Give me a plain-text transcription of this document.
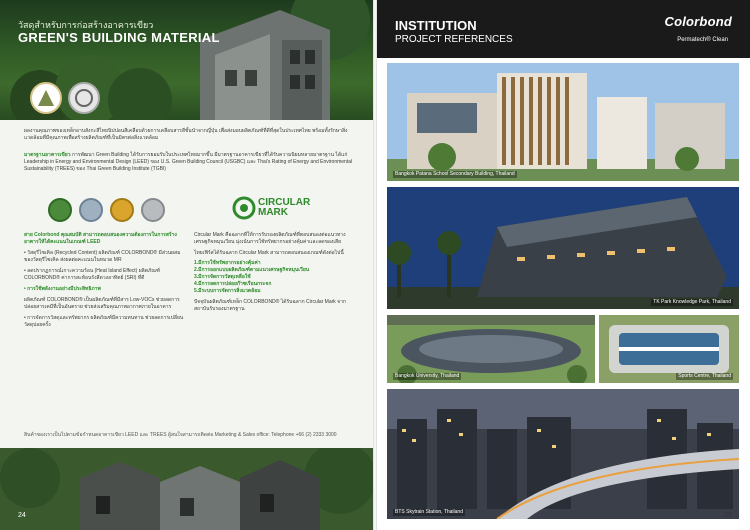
วัสดุสำหรับการก่อสร้างอาคารเขียว
GREEN'S BUILDING MATERIAL
ผลงานคุณภาพของเหล็กอาบสังกะสีไทยนิปปอนสีเคลือบด้วยการเคลือบสารสีชั้นนำจากญี่ปุ่น เพื่อส่งมอบผลิตภัณฑ์ที่ดีที่สุดในประเทศไทย พร้อมทั้งรักษาสิ่งแวดล้อมที่มีคุณภาพเพื่อสร้างผลิตภัณฑ์ที่เป็นมิตรต่อสิ่งแวดล้อม
มาตรฐานอาคารเขียว การพัฒนา Green Building ได้รับการยอมรับในประเทศไทยมากขึ้น มีมาตรฐานอาคารเขียวที่ได้รับความนิยมหลายมาตรฐาน ได้แก่ Leadership in Energy and Environmental Design (LEED) ของ U.S. Green Building Council (USGBC) และ Thai's Rating of Energy and Environmental Sustainability (TREES) ของ Thai Green Building Institute (TGBI)
CIRCULAR
MARK

สาย Colorbond คุณสมบัติ สามารถตอบสนองความต้องการในการสร้างอาคารให้ได้คะแนนในเกณฑ์ LEED

• วัสดุรีไซเคิล (Recycled Content) ผลิตภัณฑ์ COLORBOND® มีส่วนผสมของวัสดุรีไซเคิล ส่งผลต่อคะแนนในหมวด MR

• ลดปรากฏการณ์เกาะความร้อน (Heat Island Effect) ผลิตภัณฑ์ COLORBOND® ค่าการสะท้อนรังสีดวงอาทิตย์ (SRI) ที่ดี

• การใช้พลังงานอย่างมีประสิทธิภาพ

ผลิตภัณฑ์ COLORBOND® เป็นผลิตภัณฑ์ที่มีสาร Low-VOCs ช่วยลดการปล่อยสารเคมีที่เป็นอันตราย ช่วยส่งเสริมคุณภาพอากาศภายในอาคาร

• การจัดการวัสดุและทรัพยากร ผลิตภัณฑ์มีความทนทาน ช่วยลดการเปลี่ยนวัสดุบ่อยครั้ง

Circular Mark คือฉลากที่ให้การรับรองผลิตภัณฑ์ที่ตอบสนองต่อแนวทางเศรษฐกิจหมุนเวียน มุ่งเน้นการใช้ทรัพยากรอย่างคุ้มค่าและลดของเสีย

ไทยเฟิร์สได้รับฉลาก Circular Mark สามารถตอบสนองเกณฑ์ดังต่อไปนี้

1.มีการใช้ทรัพยากรอย่างคุ้มค่า

2.มีการออกแบบผลิตภัณฑ์ตามแนวเศรษฐกิจหมุนเวียน

3.มีการจัดการวัสดุเหลือใช้

4.มีการลดการปล่อยก๊าซเรือนกระจก

5.มีระบบการจัดการสิ่งแวดล้อม

ปัจจุบันผลิตภัณฑ์เหล็ก COLORBOND® ได้รับฉลาก Circular Mark จากสถาบันรับรองมาตรฐาน

สินค้าของเราเป็นไปตามข้อกำหนดอาคารเขียว LEED และ TREES ผู้สนใจสามารถติดต่อ Marketing & Sales office: Telephone +66 (2) 2333 3000
24
INSTITUTION
PROJECT REFERENCES
Colorbond
Permatech® Clean
Bangkok Patana School Secondary Building, Thailand
TK Park Knowledge Park, Thailand
Bangkok University, Thailand	Sports Centre, Thailand
BTS Skytrain Station, Thailand	25
